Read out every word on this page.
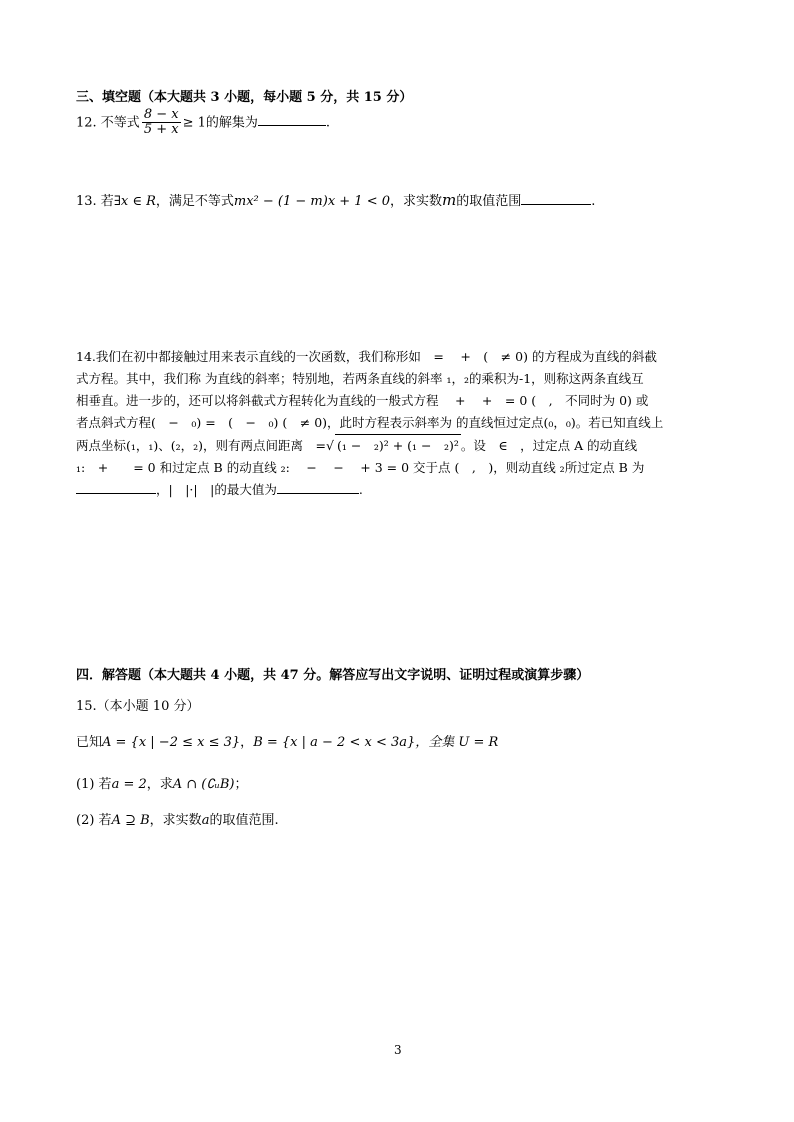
三、填空题（本大题共 3 小题，每小题 5 分，共 15 分）
12. 不等式 $\frac{8 - x}{5 + x} \ge 1$的解集为	.
13. 若∃x ∈ R，满足不等式mx² − (1 − m)x + 1 < 0，求实数m的取值范围	.
14.我们在初中都接触过用来表示直线的一次函数，我们称形如　=　 +　(　≠ 0) 的方程成为直线的斜截
式方程。其中，我们称 为直线的斜率；特别地，若两条直线的斜率 ₁，₂的乘积为-1，则称这两条直线互
相垂直。进一步的，还可以将斜截式方程转化为直线的一般式方程　 +　 +　= 0 (　,　不同时为 0) 或
者点斜式方程(　−　₀) =　(　−　₀) (　≠ 0)，此时方程表示斜率为 的直线恒过定点(₀，₀)。若已知直线上
两点坐标(₁，₁)、(₂，₂)，则有两点间距离　=√ (₁ −　₂)² + (₁ −　₂)² 。设　∈　，过定点 A 的动直线
₁:　+　　= 0 和过定点 B 的动直线 ₂:　 −　 −　 + 3 = 0 交于点 (　,　)，则动直线 ₂所过定点 B 为
，|　|·|　|的最大值为	.
四．解答题（本大题共 4 小题，共 47 分。解答应写出文字说明、证明过程或演算步骤）
15.（本小题 10 分）
已知A = {x | −2 ≤ x ≤ 3}，B = {x | a − 2 < x < 3a}，全集 U = R
(1) 若a = 2，求A ∩ (∁ᵤB)；
(2) 若A ⊇ B，求实数a的取值范围.
3
